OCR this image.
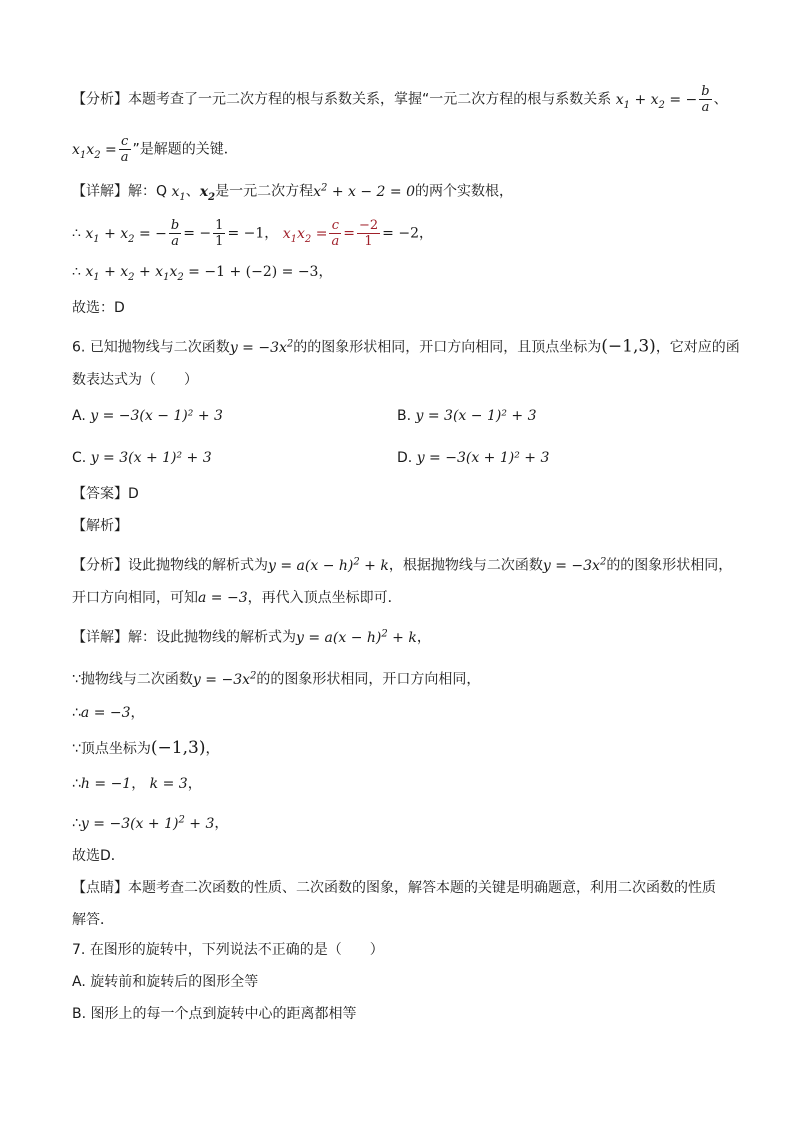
【分析】本题考查了一元二次方程的根与系数关系，掌握“一元二次方程的根与系数关系 $x_1 + x_2$ = − $\frac{b}{a}$ 、
$x_1x_2 = \frac{c}{a}$ ”是解题的关键．
【详解】解：Q $x_1$、$x_2$是一元二次方程$x^2 + x - 2 = 0$的两个实数根，
∴ $x_1 + x_2$ = − $\frac{b}{a}$ = − $\frac{1}{1} = -1$， $x_1x_2 = \frac{c}{a} = \frac{-2}{1} = -2$，
∴ $x_1 + x_2 + x_1x_2 = -1 + (-2) = -3$，
故选：D
6. 已知抛物线与二次函数$y = -3x^2$的的图象形状相同，开口方向相同，且顶点坐标为(−1,3)，它对应的函
数表达式为（　　）
A. y = −3(x − 1)² + 3	B. y = 3(x − 1)² + 3
C. y = 3(x + 1)² + 3	D. y = −3(x + 1)² + 3
【答案】D
【解析】
【分析】设此抛物线的解析式为$y = a(x - h)^2 + k$，根据抛物线与二次函数$y = -3x^2$的的图象形状相同，
开口方向相同，可知a = −3，再代入顶点坐标即可．
【详解】解：设此抛物线的解析式为$y = a(x - h)^2 + k$，
∵抛物线与二次函数$y = -3x^2$的的图象形状相同，开口方向相同，
∴a = −3，
∵顶点坐标为(−1,3)，
∴h = −1， k = 3，
∴y = $-3(x + 1)^2 + 3$，
故选D．
【点睛】本题考查二次函数的性质、二次函数的图象，解答本题的关键是明确题意，利用二次函数的性质
解答．
7. 在图形的旋转中，下列说法不正确的是（　　）
A. 旋转前和旋转后的图形全等
B. 图形上的每一个点到旋转中心的距离都相等
